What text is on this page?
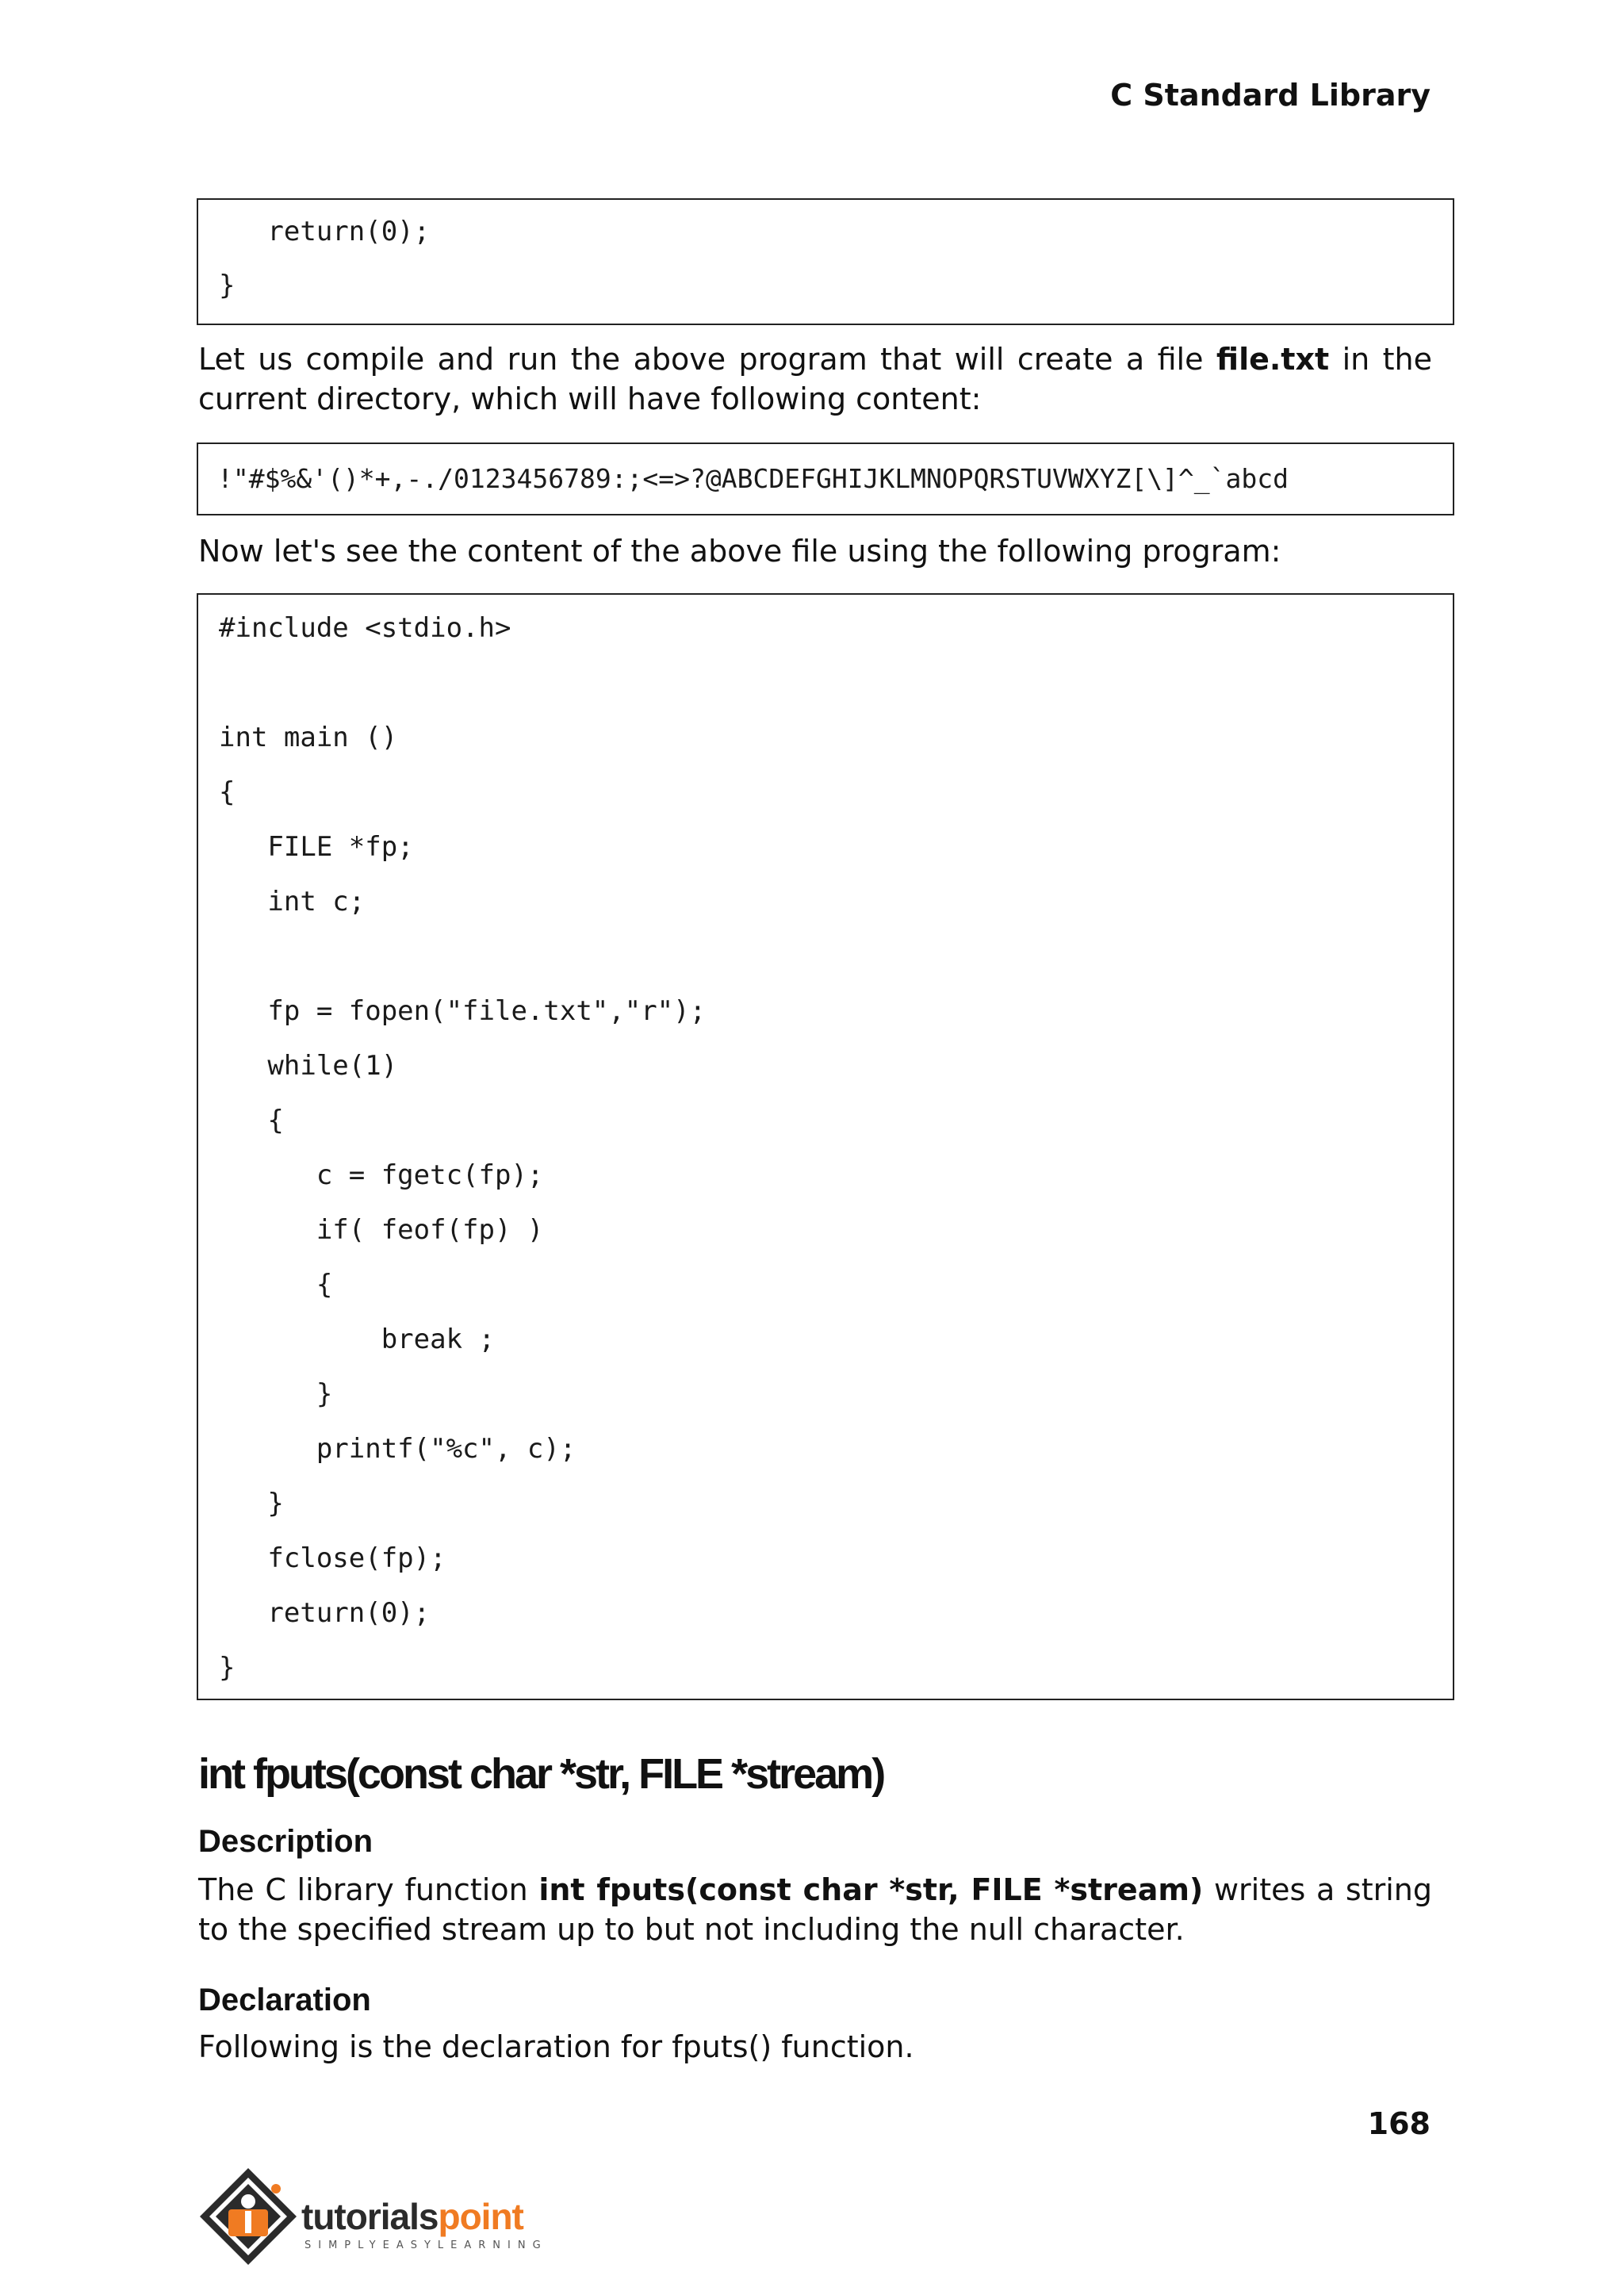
C Standard Library
return(0);
}
Let us compile and run the above program that will create a file file.txt in the current directory, which will have following content:
!"#$%&'()*+,-./0123456789:;<=>?@ABCDEFGHIJKLMNOPQRSTUVWXYZ[\]^_`abcd
Now let's see the content of the above file using the following program:
#include <stdio.h>
int main ()
{
FILE *fp;
int c;
fp = fopen("file.txt","r");
while(1)
{
c = fgetc(fp);
if( feof(fp) )
{
break ;
}
printf("%c", c);
}
fclose(fp);
return(0);
}
int fputs(const char *str, FILE *stream)
Description
The C library function int fputs(const char *str, FILE *stream) writes a string to the specified stream up to but not including the null character.
Declaration
Following is the declaration for fputs() function.
168
tutorialspoint
SIMPLYEASYLEARNING
